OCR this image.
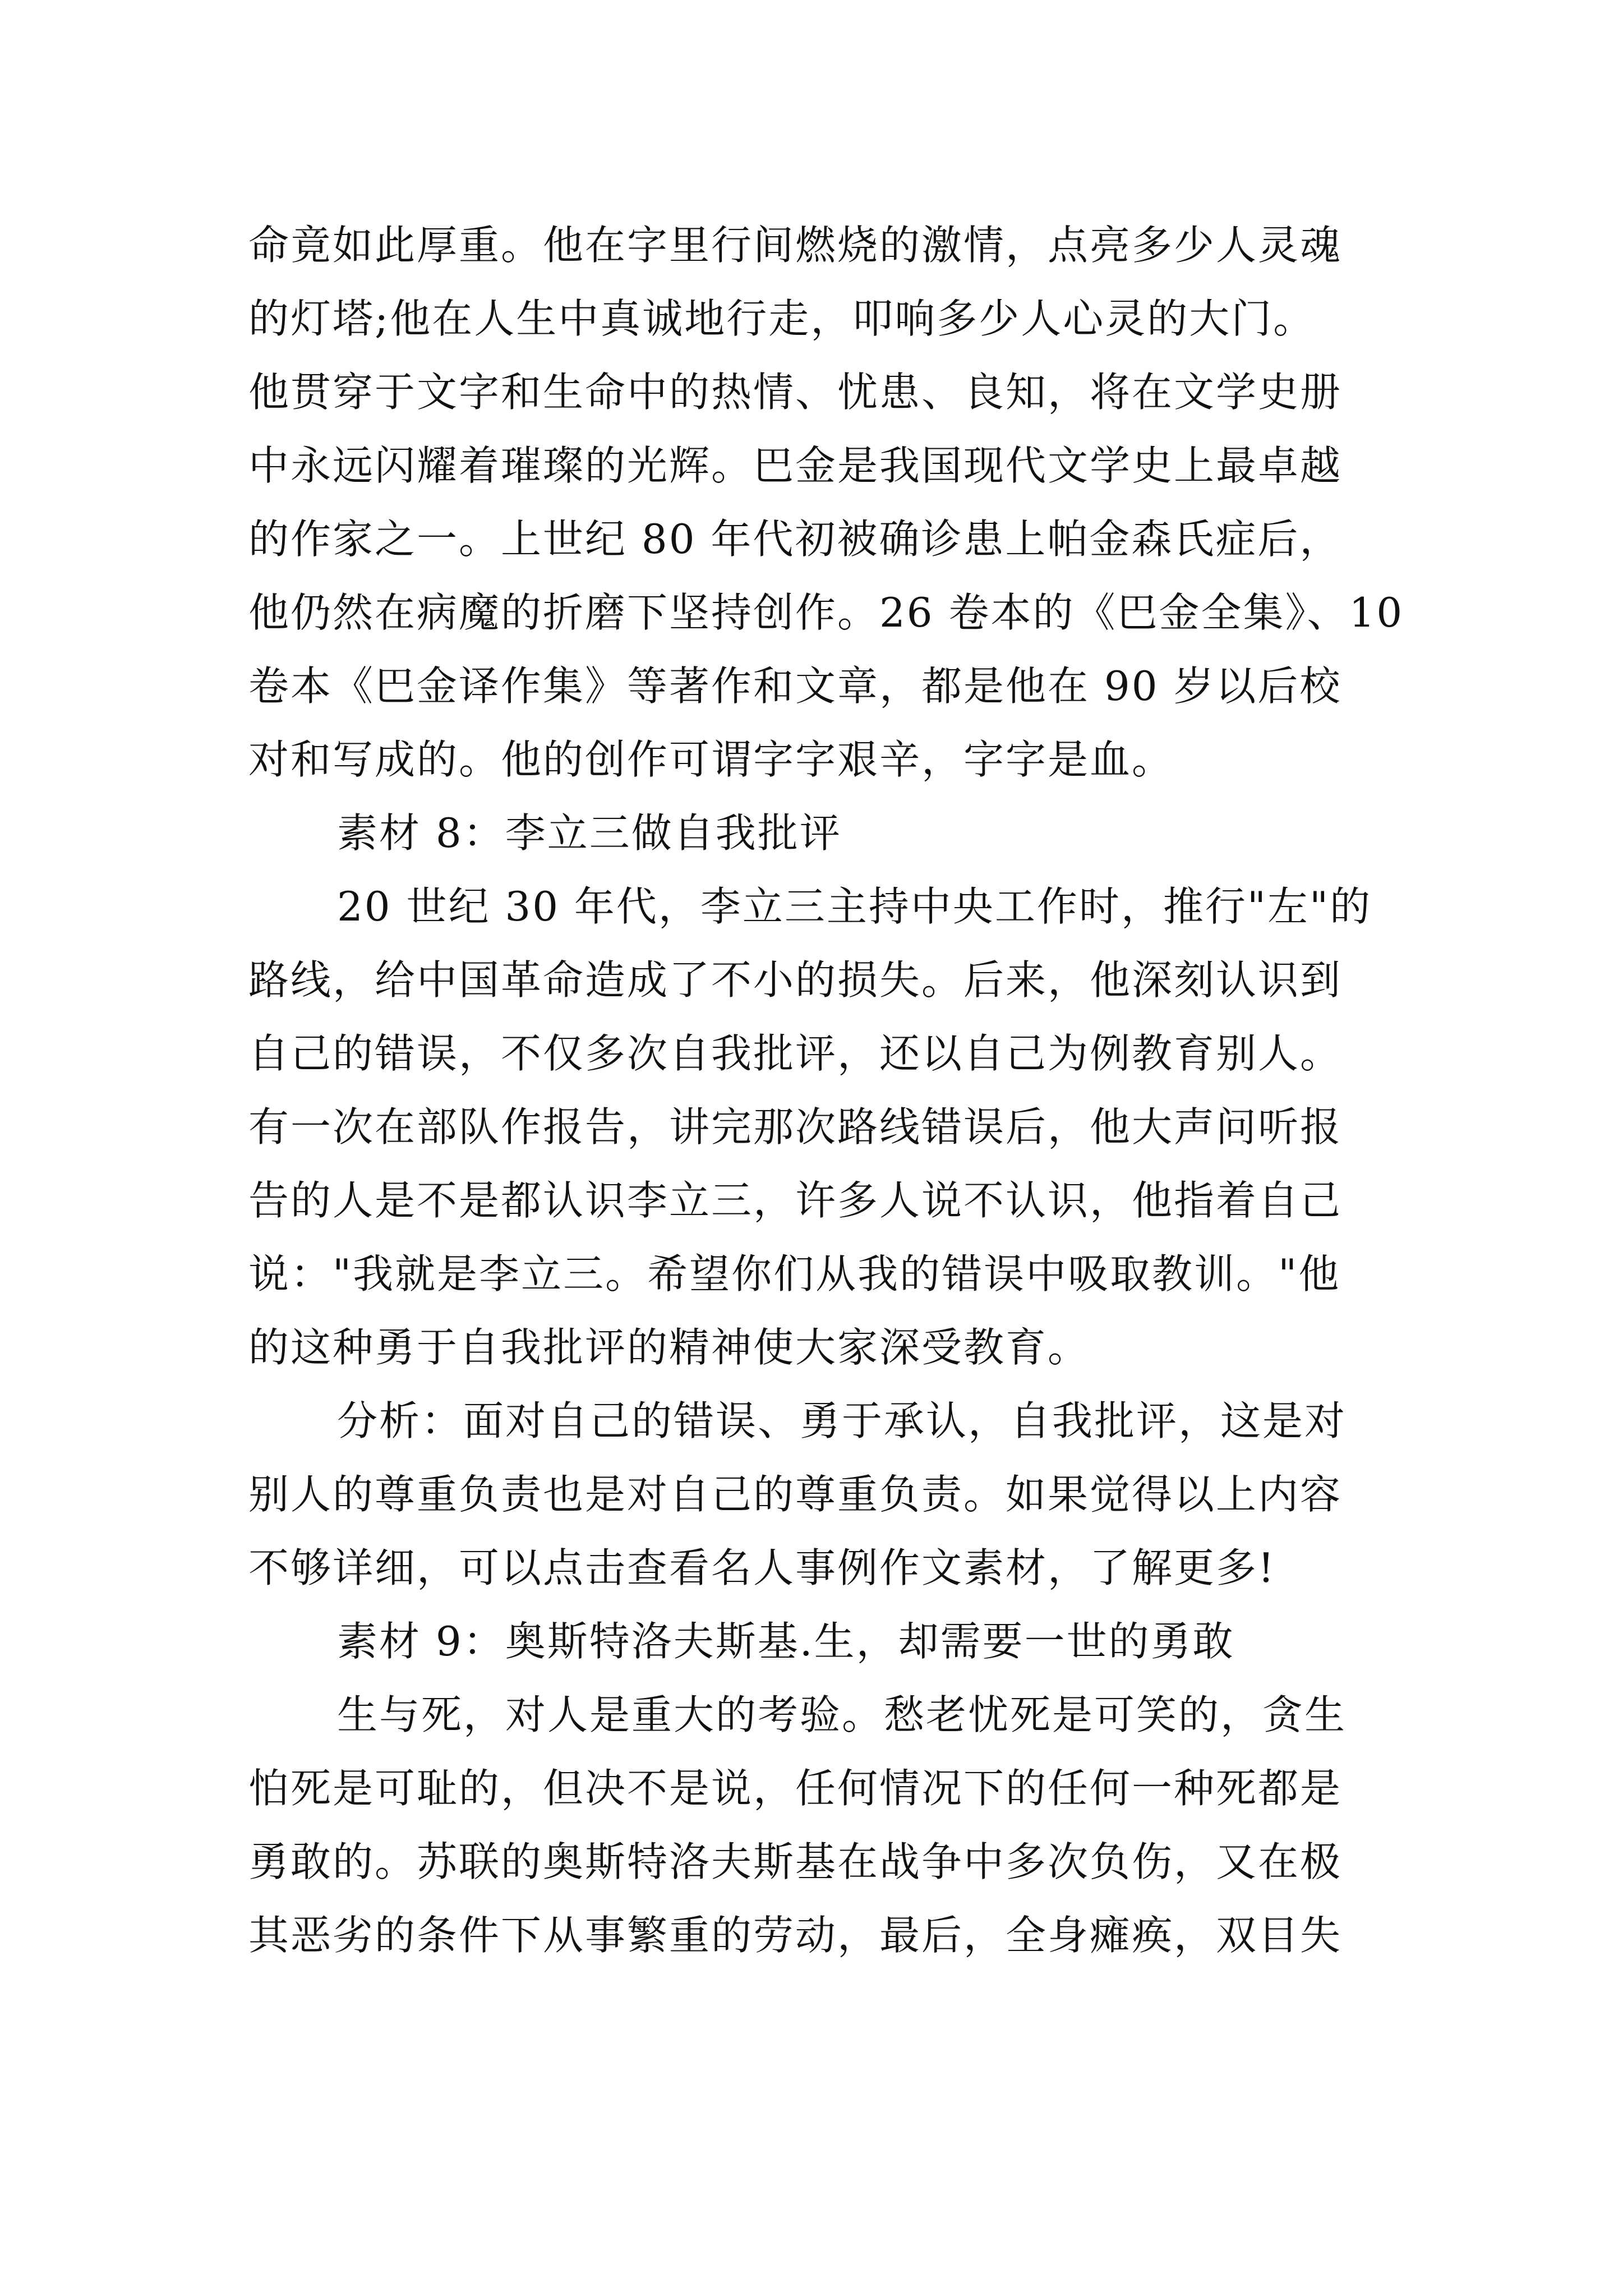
命竟如此厚重。他在字里行间燃烧的激情，点亮多少人灵魂
的灯塔;他在人生中真诚地行走，叩响多少人心灵的大门。
他贯穿于文字和生命中的热情、忧患、良知，将在文学史册
中永远闪耀着璀璨的光辉。巴金是我国现代文学史上最卓越
的作家之一。上世纪 80 年代初被确诊患上帕金森氏症后，
他仍然在病魔的折磨下坚持创作。26 卷本的《巴金全集》、10
卷本《巴金译作集》等著作和文章，都是他在 90 岁以后校
对和写成的。他的创作可谓字字艰辛，字字是血。
素材 8：李立三做自我批评
20 世纪 30 年代，李立三主持中央工作时，推行"左"的
路线，给中国革命造成了不小的损失。后来，他深刻认识到
自己的错误，不仅多次自我批评，还以自己为例教育别人。
有一次在部队作报告，讲完那次路线错误后，他大声问听报
告的人是不是都认识李立三，许多人说不认识，他指着自己
说："我就是李立三。希望你们从我的错误中吸取教训。"他
的这种勇于自我批评的精神使大家深受教育。
分析：面对自己的错误、勇于承认，自我批评，这是对
别人的尊重负责也是对自己的尊重负责。如果觉得以上内容
不够详细，可以点击查看名人事例作文素材，了解更多!
素材 9：奥斯特洛夫斯基.生，却需要一世的勇敢
生与死，对人是重大的考验。愁老忧死是可笑的，贪生
怕死是可耻的，但决不是说，任何情况下的任何一种死都是
勇敢的。苏联的奥斯特洛夫斯基在战争中多次负伤，又在极
其恶劣的条件下从事繁重的劳动，最后，全身瘫痪，双目失
